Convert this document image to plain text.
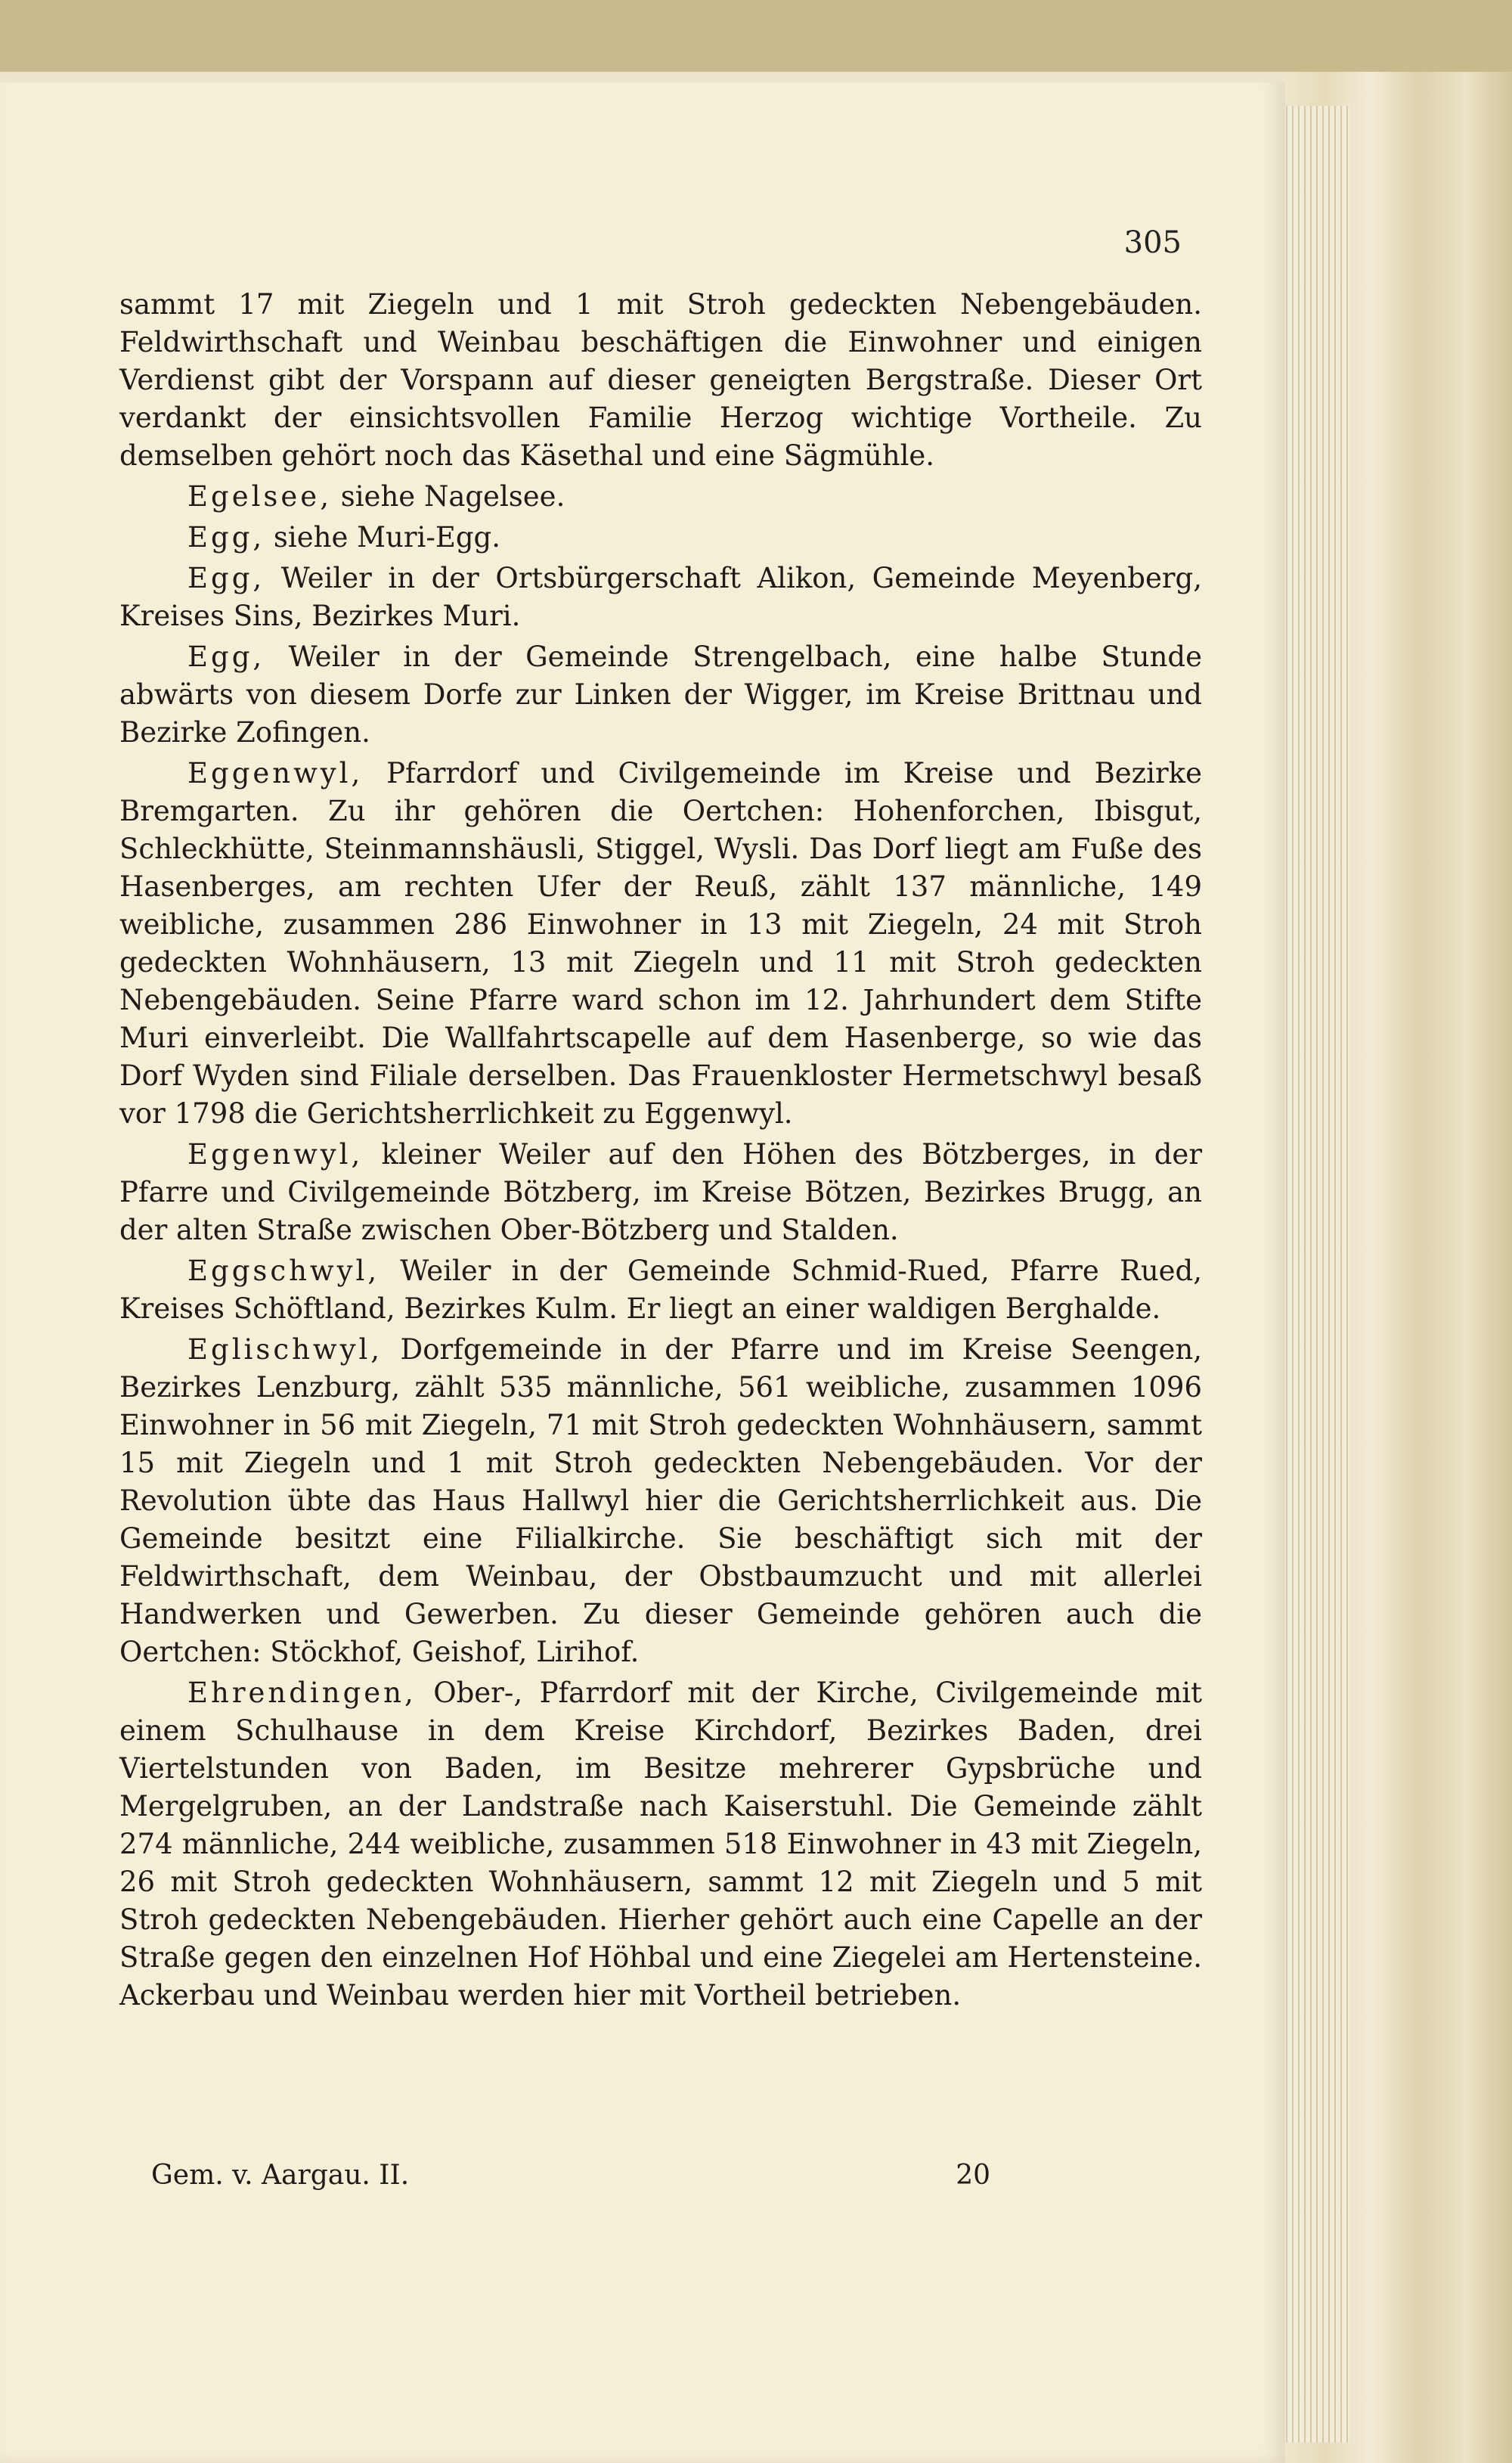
305

sammt 17 mit Ziegeln und 1 mit Stroh gedeckten Nebengebäuden. Feldwirthschaft und Weinbau beschäftigen die Einwohner und einigen Verdienst gibt der Vorspann auf dieser geneigten Bergstraße. Dieser Ort verdankt der einsichtsvollen Familie Herzog wichtige Vortheile. Zu demselben gehört noch das Käsethal und eine Sägmühle.

Egelsee, siehe Nagelsee.

Egg, siehe Muri-Egg.

Egg, Weiler in der Ortsbürgerschaft Alikon, Gemeinde Meyenberg, Kreises Sins, Bezirkes Muri.

Egg, Weiler in der Gemeinde Strengelbach, eine halbe Stunde abwärts von diesem Dorfe zur Linken der Wigger, im Kreise Brittnau und Bezirke Zofingen.

Eggenwyl, Pfarrdorf und Civilgemeinde im Kreise und Bezirke Bremgarten. Zu ihr gehören die Oertchen: Hohenforchen, Ibisgut, Schleckhütte, Steinmannshäusli, Stiggel, Wysli. Das Dorf liegt am Fuße des Hasenberges, am rechten Ufer der Reuß, zählt 137 männliche, 149 weibliche, zusammen 286 Einwohner in 13 mit Ziegeln, 24 mit Stroh gedeckten Wohnhäusern, 13 mit Ziegeln und 11 mit Stroh gedeckten Nebengebäuden. Seine Pfarre ward schon im 12. Jahrhundert dem Stifte Muri einverleibt. Die Wallfahrtscapelle auf dem Hasenberge, so wie das Dorf Wyden sind Filiale derselben. Das Frauenkloster Hermetschwyl besaß vor 1798 die Gerichtsherrlichkeit zu Eggenwyl.

Eggenwyl, kleiner Weiler auf den Höhen des Bötzberges, in der Pfarre und Civilgemeinde Bötzberg, im Kreise Bötzen, Bezirkes Brugg, an der alten Straße zwischen Ober-Bötzberg und Stalden.

Eggschwyl, Weiler in der Gemeinde Schmid-Rued, Pfarre Rued, Kreises Schöftland, Bezirkes Kulm. Er liegt an einer waldigen Berghalde.

Eglischwyl, Dorfgemeinde in der Pfarre und im Kreise Seengen, Bezirkes Lenzburg, zählt 535 männliche, 561 weibliche, zusammen 1096 Einwohner in 56 mit Ziegeln, 71 mit Stroh gedeckten Wohnhäusern, sammt 15 mit Ziegeln und 1 mit Stroh gedeckten Nebengebäuden. Vor der Revolution übte das Haus Hallwyl hier die Gerichtsherrlichkeit aus. Die Gemeinde besitzt eine Filialkirche. Sie beschäftigt sich mit der Feldwirthschaft, dem Weinbau, der Obstbaumzucht und mit allerlei Handwerken und Gewerben. Zu dieser Gemeinde gehören auch die Oertchen: Stöckhof, Geishof, Lirihof.

Ehrendingen, Ober-, Pfarrdorf mit der Kirche, Civilgemeinde mit einem Schulhause in dem Kreise Kirchdorf, Bezirkes Baden, drei Viertelstunden von Baden, im Besitze mehrerer Gypsbrüche und Mergelgruben, an der Landstraße nach Kaiserstuhl. Die Gemeinde zählt 274 männliche, 244 weibliche, zusammen 518 Einwohner in 43 mit Ziegeln, 26 mit Stroh gedeckten Wohnhäusern, sammt 12 mit Ziegeln und 5 mit Stroh gedeckten Nebengebäuden. Hierher gehört auch eine Capelle an der Straße gegen den einzelnen Hof Höhbal und eine Ziegelei am Hertensteine. Ackerbau und Weinbau werden hier mit Vortheil betrieben.

Gem. v. Aargau. II.	20
